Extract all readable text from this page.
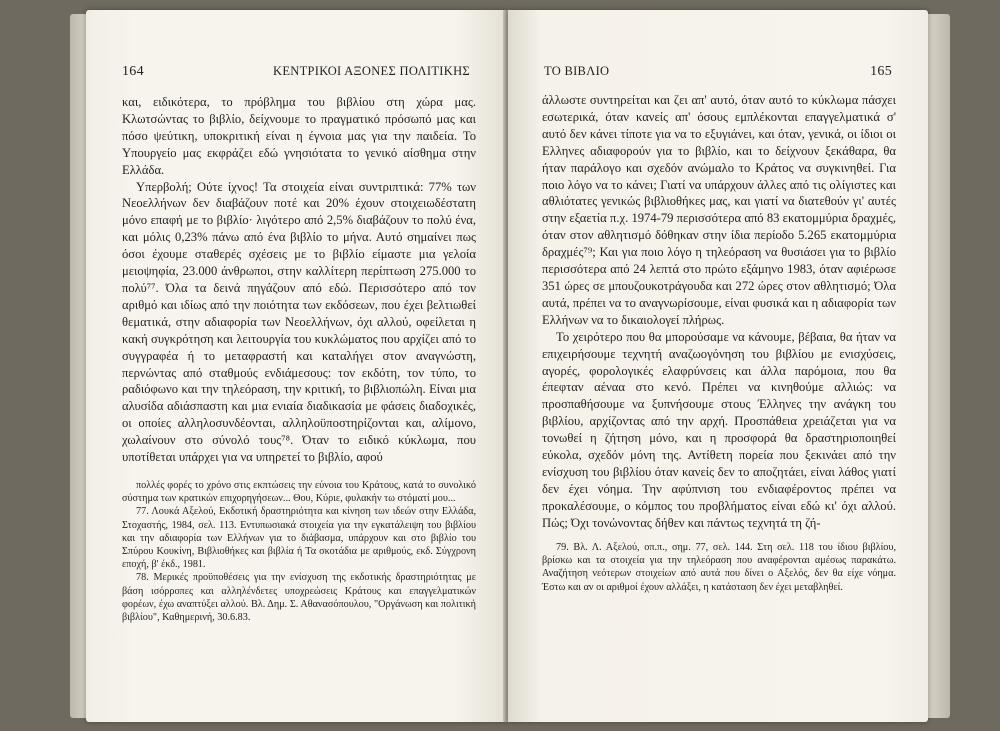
164	ΚΕΝΤΡΙΚΟΙ ΑΞΟΝΕΣ ΠΟΛΙΤΙΚΗΣ

και, ειδικότερα, το πρόβλημα του βιβλίου στη χώρα μας. Κλωτσώντας το βιβλίο, δείχνουμε το πραγματικό πρόσωπό μας και πόσο ψεύτικη, υποκριτική είναι η έγνοια μας για την παιδεία. Το Υπουργείο μας εκφράζει εδώ γνησιότατα το γενικό αίσθημα στην Ελλάδα.

Υπερβολή; Ούτε ίχνος! Τα στοιχεία είναι συντριπτικά: 77% των Νεοελλήνων δεν διαβάζουν ποτέ και 20% έχουν στοιχειωδέστατη μόνο επαφή με το βιβλίο· λιγότερο από 2,5% διαβάζουν το πολύ ένα, και μόλις 0,23% πάνω από ένα βιβλίο το μήνα. Αυτό σημαίνει πως όσοι έχουμε σταθερές σχέσεις με το βιβλίο είμαστε μια γελοία μειοψηφία, 23.000 άνθρωποι, στην καλλίτερη περίπτωση 275.000 το πολύ⁷⁷. Όλα τα δεινά πηγάζουν από εδώ. Περισσότερο από τον αριθμό και ιδίως από την ποιότητα των εκδόσεων, που έχει βελτιωθεί θεματικά, στην αδιαφορία των Νεοελλήνων, όχι αλλού, οφείλεται η κακή συγκρότηση και λειτουργία του κυκλώματος που αρχίζει από το συγγραφέα ή το μεταφραστή και καταλήγει στον αναγνώστη, περνώντας από σταθμούς ενδιάμεσους: τον εκδότη, τον τύπο, το ραδιόφωνο και την τηλεόραση, την κριτική, το βιβλιοπώλη. Είναι μια αλυσίδα αδιάσπαστη και μια ενιαία διαδικασία με φάσεις διαδοχικές, οι οποίες αλληλοσυνδέονται, αλληλοϋποστηρίζονται και, αλίμονο, χωλαίνουν στο σύνολό τους⁷⁸. Όταν το ειδικό κύκλωμα, που υποτίθεται υπάρχει για να υπηρετεί το βιβλίο, αφού

πολλές φορές το χρόνο στις εκπτώσεις την εύνοια του Κράτους, κατά το συνολικό σύστημα των κρατικών επιχορηγήσεων... Θου, Κύριε, φυλακήν τω στόματί μου...

77. Λουκά Αξελού, Εκδοτική δραστηριότητα και κίνηση των ιδεών στην Ελλάδα, Στοχαστής, 1984, σελ. 113. Εντυπωσιακά στοιχεία για την εγκατάλειψη του βιβλίου και την αδιαφορία των Ελλήνων για το διάβασμα, υπάρχουν και στο βιβλίο του Σπύρου Κουκίνη, Βιβλιοθήκες και βιβλία ή Τα σκοτάδια με αριθμούς, εκδ. Σύγχρονη εποχή, β' έκδ., 1981.

78. Μερικές προϋποθέσεις για την ενίσχυση της εκδοτικής δραστηριότητας με βάση ισόρροπες και αλληλένδετες υποχρεώσεις Κράτους και επαγγελματικών φορέων, έχω αναπτύξει αλλού. Βλ. Δημ. Σ. Αθανασόπουλου, "Οργάνωση και πολιτική βιβλίου", Καθημερινή, 30.6.83.

ΤΟ ΒΙΒΛΙΟ	165

άλλωστε συντηρείται και ζει απ' αυτό, όταν αυτό το κύκλωμα πάσχει εσωτερικά, όταν κανείς απ' όσους εμπλέκονται επαγγελματικά σ' αυτό δεν κάνει τίποτε για να το εξυγιάνει, και όταν, γενικά, οι ίδιοι οι Ελληνες αδιαφορούν για το βιβλίο, και το δείχνουν ξεκάθαρα, θα ήταν παράλογο και σχεδόν ανώμαλο το Κράτος να συγκινηθεί. Για ποιο λόγο να το κάνει; Γιατί να υπάρχουν άλλες από τις ολίγιστες και αθλιότατες γενικώς βιβλιοθήκες μας, και γιατί να διατεθούν γι' αυτές στην εξαετία π.χ. 1974-79 περισσότερα από 83 εκατομμύρια δραχμές, όταν στον αθλητισμό δόθηκαν στην ίδια περίοδο 5.265 εκατομμύρια δραχμές⁷⁹; Και για ποιο λόγο η τηλεόραση να θυσιάσει για το βιβλίο περισσότερα από 24 λεπτά στο πρώτο εξάμηνο 1983, όταν αφιέρωσε 351 ώρες σε μπουζουκοτράγουδα και 272 ώρες στον αθλητισμό; Όλα αυτά, πρέπει να το αναγνωρίσουμε, είναι φυσικά και η αδιαφορία των Ελλήνων να το δικαιολογεί πλήρως.

Το χειρότερο που θα μπορούσαμε να κάνουμε, βέβαια, θα ήταν να επιχειρήσουμε τεχνητή αναζωογόνηση του βιβλίου με ενισχύσεις, αγορές, φορολογικές ελαφρύνσεις και άλλα παρόμοια, που θα έπεφταν αέναα στο κενό. Πρέπει να κινηθούμε αλλιώς: να προσπαθήσουμε να ξυπνήσουμε στους Έλληνες την ανάγκη του βιβλίου, αρχίζοντας από την αρχή. Προσπάθεια χρειάζεται για να τονωθεί η ζήτηση μόνο, και η προσφορά θα δραστηριοποιηθεί εύκολα, σχεδόν μόνη της. Αντίθετη πορεία που ξεκινάει από την ενίσχυση του βιβλίου όταν κανείς δεν το αποζητάει, είναι λάθος γιατί δεν έχει νόημα. Την αφύπνιση του ενδιαφέροντος πρέπει να προκαλέσουμε, ο κόμπος του προβλήματος είναι εδώ κι' όχι αλλού. Πώς; Όχι τονώνοντας δήθεν και πάντως τεχνητά τη ζή-

79. Βλ. Λ. Αξελού, οπ.π., σημ. 77, σελ. 144. Στη σελ. 118 του ίδιου βιβλίου, βρίσκω και τα στοιχεία για την τηλεόραση που αναφέρονται αμέσως παρακάτω. Αναζήτηση νεότερων στοιχείων από αυτά που δίνει ο Αξελός, δεν θα είχε νόημα. Έστω και αν οι αριθμοί έχουν αλλάξει, η κατάσταση δεν έχει μεταβληθεί.
